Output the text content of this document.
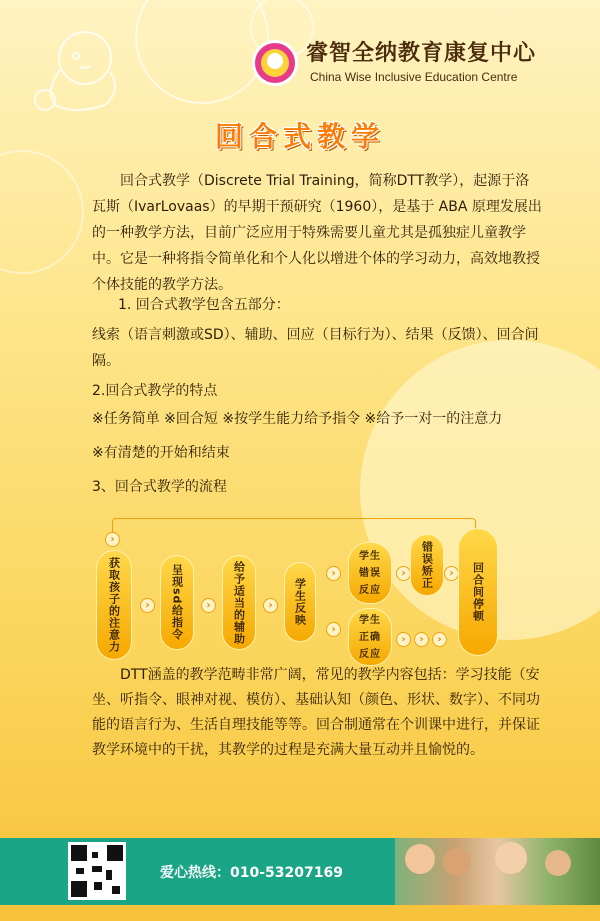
睿智全纳教育康复中心
China Wise Inclusive Education Centre
回合式教学
回合式教学（Discrete Trial Training，简称DTT教学），起源于洛瓦斯（IvarLovaas）的早期干预研究（1960），是基于 ABA 原理发展出的一种教学方法，目前广泛应用于特殊需要儿童尤其是孤独症儿童教学中。它是一种将指令简单化和个人化以增进个体的学习动力，高效地教授个体技能的教学方法。
1. 回合式教学包含五部分：
线索（语言刺激或SD）、辅助、回应（目标行为）、结果（反馈）、回合间隔。
2.回合式教学的特点
※任务简单 ※回合短 ※按学生能力给予指令 ※给予一对一的注意力
※有清楚的开始和结束
3、回合式教学的流程
›
获取孩子的注意力	›	呈现sd给指令	›	给予适当的辅助	›	学生反映
›
›
学生
错误
反应
学生
正确
反应
›	错误矫正	›
›	›	›
回合间停顿
DTT涵盖的教学范畴非常广阔，常见的教学内容包括：学习技能（安坐、听指令、眼神对视、模仿）、基础认知（颜色、形状、数字）、不同功能的语言行为、生活自理技能等等。回合制通常在个训课中进行，并保证教学环境中的干扰，其教学的过程是充满大量互动并且愉悦的。
爱心热线：010-53207169
